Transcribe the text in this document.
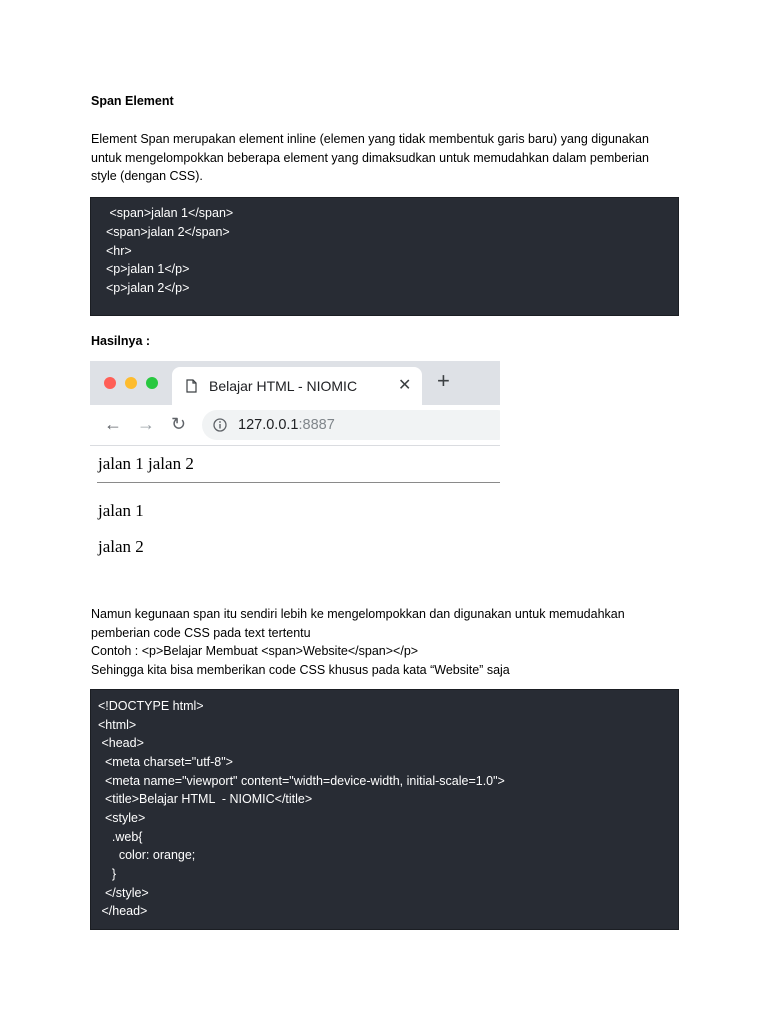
Span Element
Element Span merupakan element inline (elemen yang tidak membentuk garis baru) yang digunakan
untuk mengelompokkan beberapa element yang dimaksudkan untuk memudahkan dalam pemberian
style (dengan CSS).
<span>jalan 1</span>
<span>jalan 2</span>
<hr>
<p>jalan 1</p>
<p>jalan 2</p>
Hasilnya :
Belajar HTML - NIOMIC	✕ +
← → ↻	127.0.0.1:8887
jalan 1 jalan 2
jalan 1
jalan 2
Namun kegunaan span itu sendiri lebih ke mengelompokkan dan digunakan untuk memudahkan
pemberian code CSS pada text tertentu
Contoh : <p>Belajar Membuat <span>Website</span></p>
Sehingga kita bisa memberikan code CSS khusus pada kata “Website” saja
<!DOCTYPE html>
<html>
<head>
<meta charset="utf-8">
<meta name="viewport" content="width=device-width, initial-scale=1.0">
<title>Belajar HTML  - NIOMIC</title>
<style>
.web{
color: orange;
}
</style>
</head>
